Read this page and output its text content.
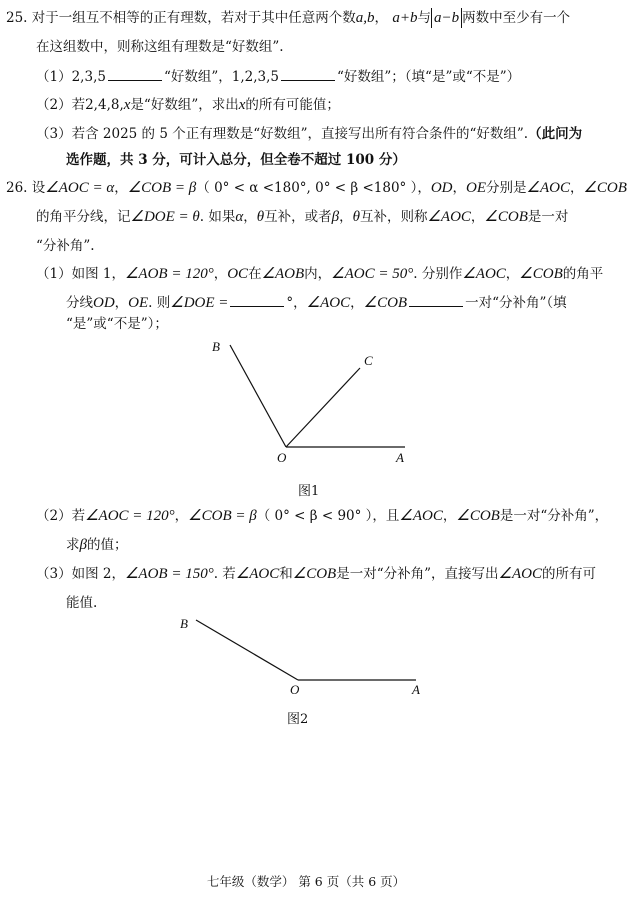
25. 对于一组互不相等的正有理数，若对于其中任意两个数a,b， a+b与 a−b 两数中至少有一个
在这组数中，则称这组有理数是“好数组”.
（1）2,3,5	“好数组”，1,2,3,5	“好数组”；（填“是”或“不是”）
（2）若2,4,8,x是“好数组”，求出x的所有可能值；
（3）若含 2025 的 5 个正有理数是“好数组”，直接写出所有符合条件的“好数组”.（此问为
选作题，共 3 分，可计入总分，但全卷不超过 100 分）
26. 设∠AOC = α，∠COB = β（ 0° < α <180°, 0° < β <180° ），OD，OE分别是∠AOC，∠COB
的角平分线，记∠DOE = θ. 如果α，θ互补，或者β，θ互补，则称∠AOC，∠COB是一对
“分补角”.
（1）如图 1，∠AOB = 120°，OC在∠AOB内，∠AOC = 50°. 分别作∠AOC，∠COB的角平
分线OD，OE. 则∠DOE =	°，∠AOC，∠COB	一对“分补角”（填
“是”或“不是”）；
B
C
O	A
图1
（2）若∠AOC = 120°，∠COB = β（ 0° < β < 90° ），且∠AOC，∠COB是一对“分补角”，
求β的值；
（3）如图 2，∠AOB = 150°. 若∠AOC和∠COB是一对“分补角”，直接写出∠AOC的所有可
能值.
B
O	A
图2
七年级（数学） 第 6 页（共 6 页）
